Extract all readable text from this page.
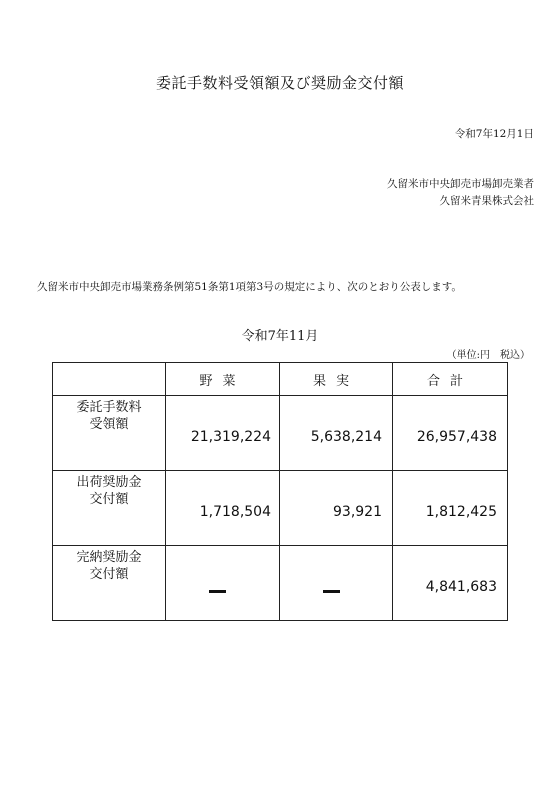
委託手数料受領額及び奨励金交付額
令和7年12月1日
久留米市中央卸売市場卸売業者
久留米青果株式会社
久留米市中央卸売市場業務条例第51条第1項第3号の規定により、次のとおり公表します。
令和7年11月
（単位:円　税込）
	野菜	果実	合計

委託手数料
受領額	21,319,224	5,638,214	26,957,438

出荷奨励金
交付額	1,718,504	93,921	1,812,425

完納奨励金
交付額			4,841,683
